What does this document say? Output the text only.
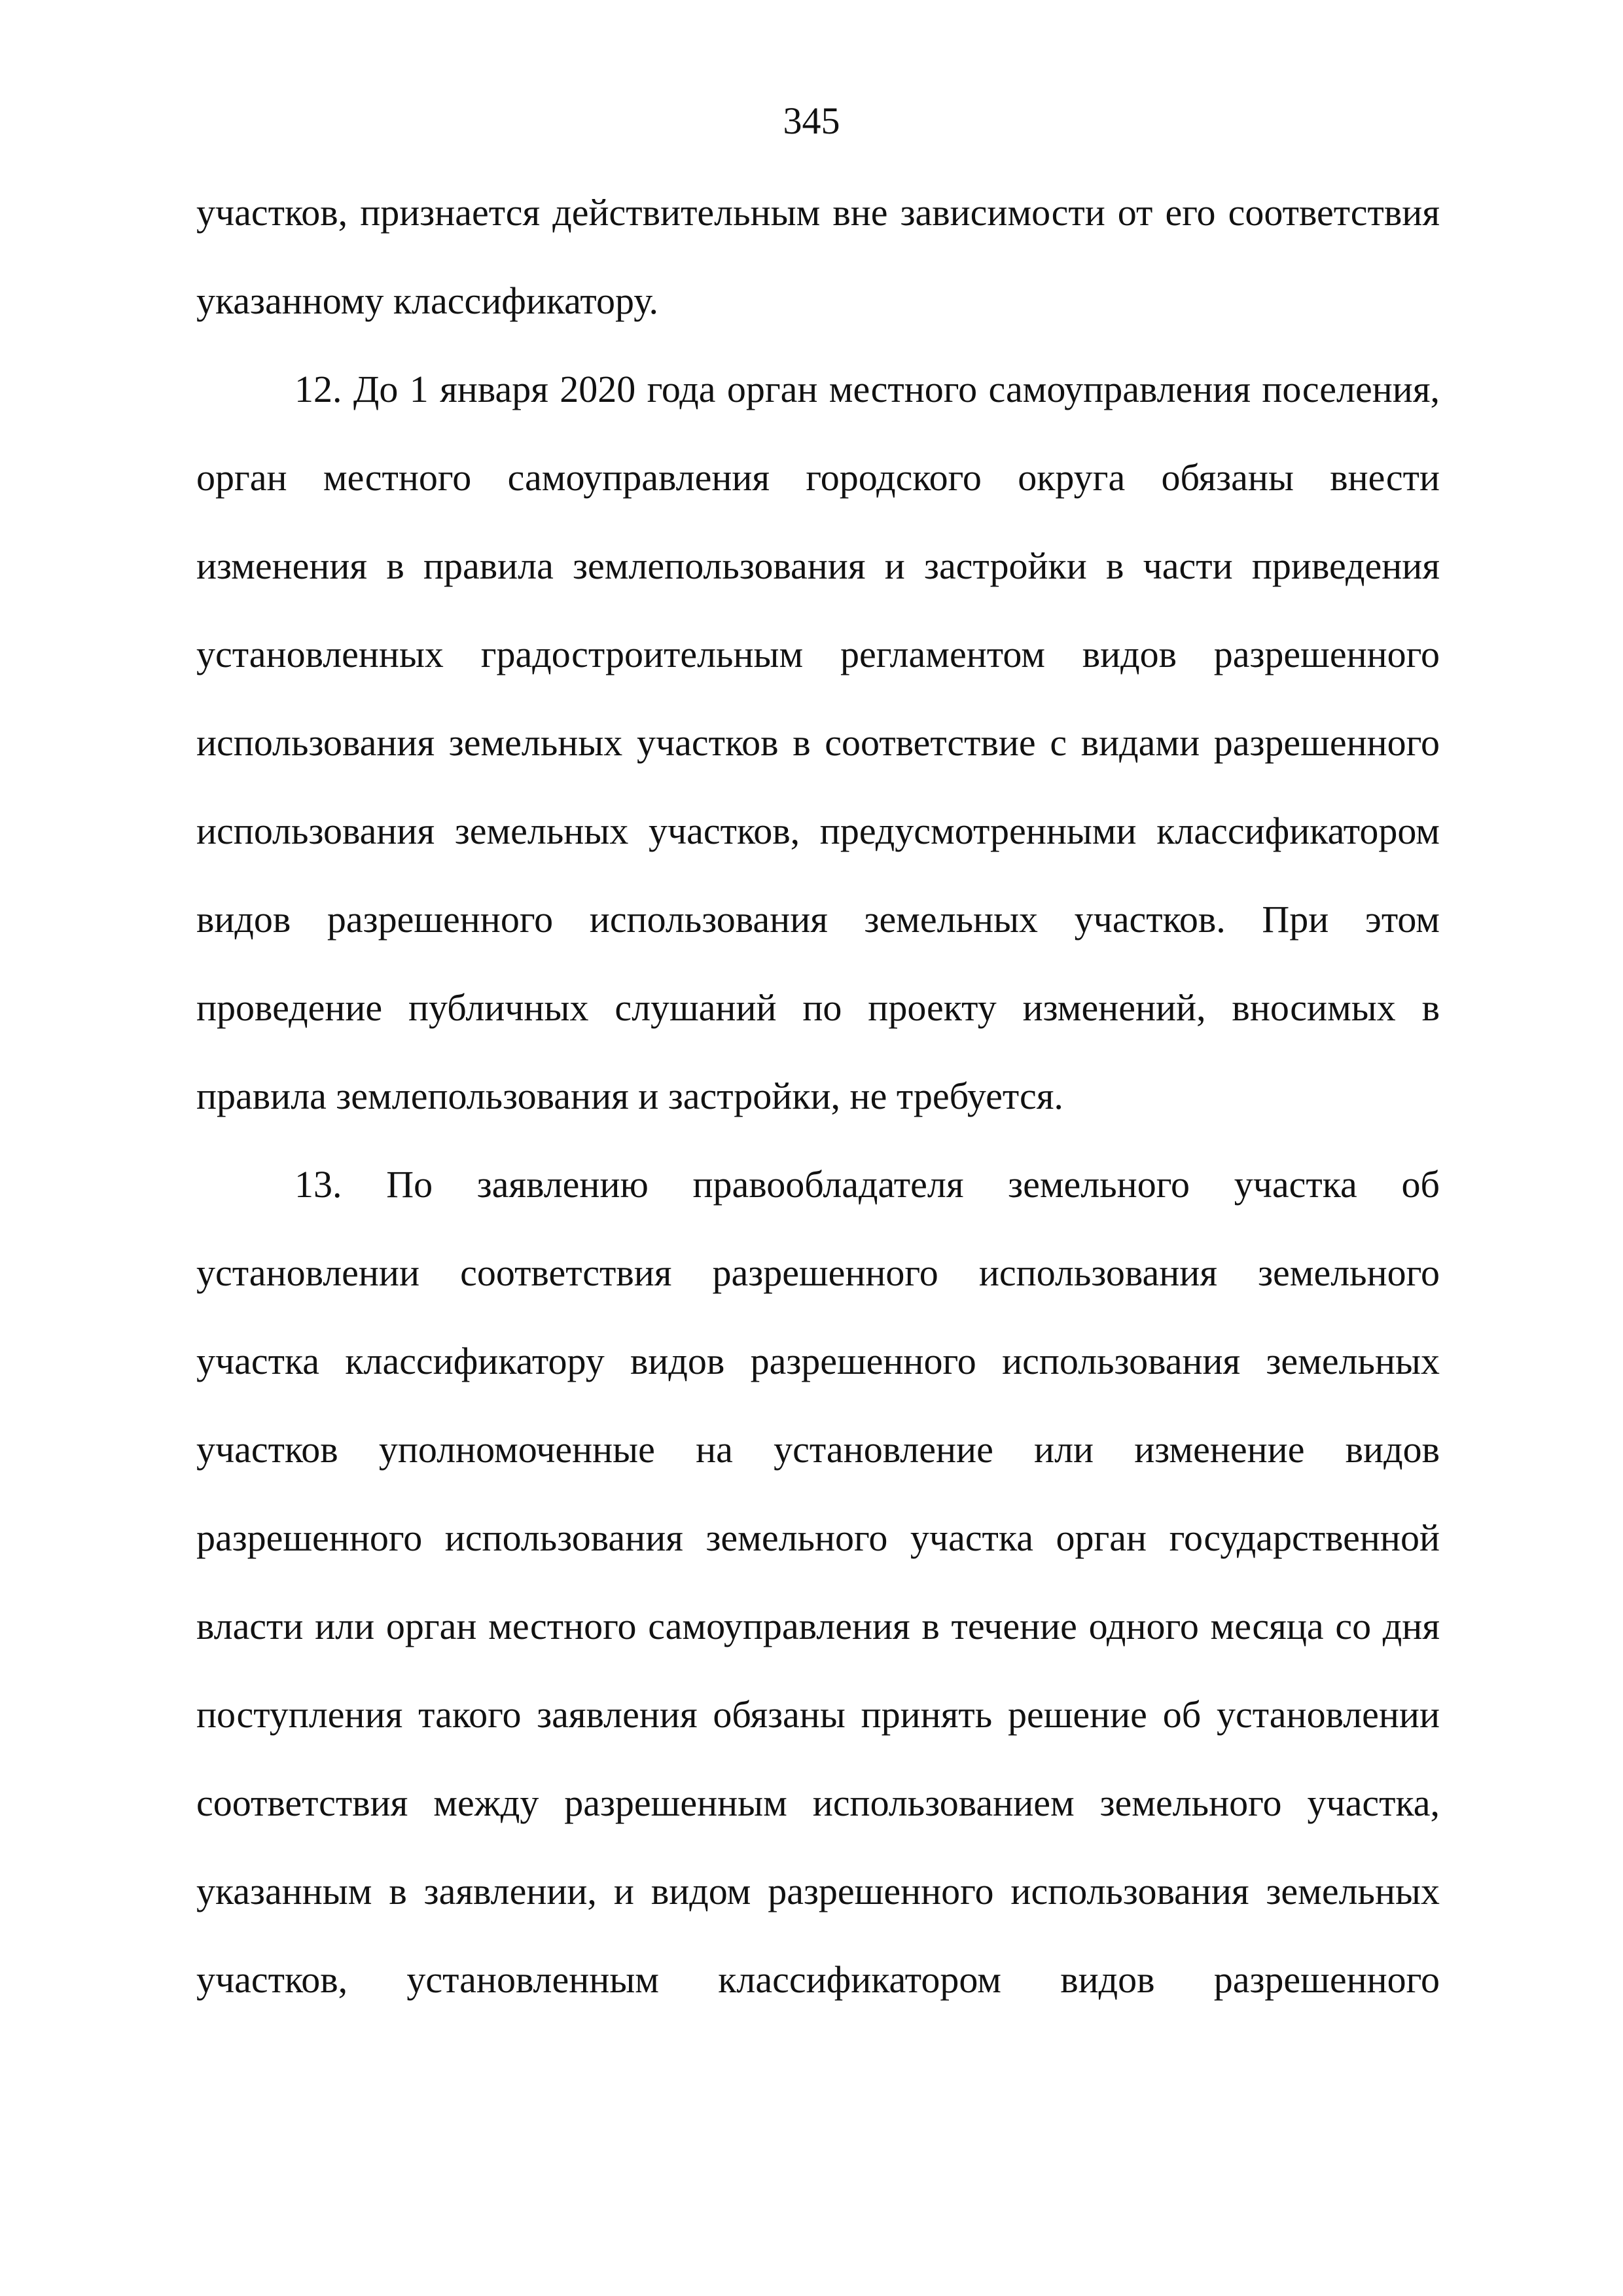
345
участков, признается действительным вне зависимости от его соответствия
указанному классификатору.
12. До 1 января 2020 года орган местного самоуправления поселения,
орган местного самоуправления городского округа обязаны внести
изменения в правила землепользования и застройки в части приведения
установленных градостроительным регламентом видов разрешенного
использования земельных участков в соответствие с видами разрешенного
использования земельных участков, предусмотренными классификатором
видов разрешенного использования земельных участков. При этом
проведение публичных слушаний по проекту изменений, вносимых в
правила землепользования и застройки, не требуется.
13. По заявлению правообладателя земельного участка об
установлении соответствия разрешенного использования земельного
участка классификатору видов разрешенного использования земельных
участков уполномоченные на установление или изменение видов
разрешенного использования земельного участка орган государственной
власти или орган местного самоуправления в течение одного месяца со дня
поступления такого заявления обязаны принять решение об установлении
соответствия между разрешенным использованием земельного участка,
указанным в заявлении, и видом разрешенного использования земельных
участков, установленным классификатором видов разрешенного
